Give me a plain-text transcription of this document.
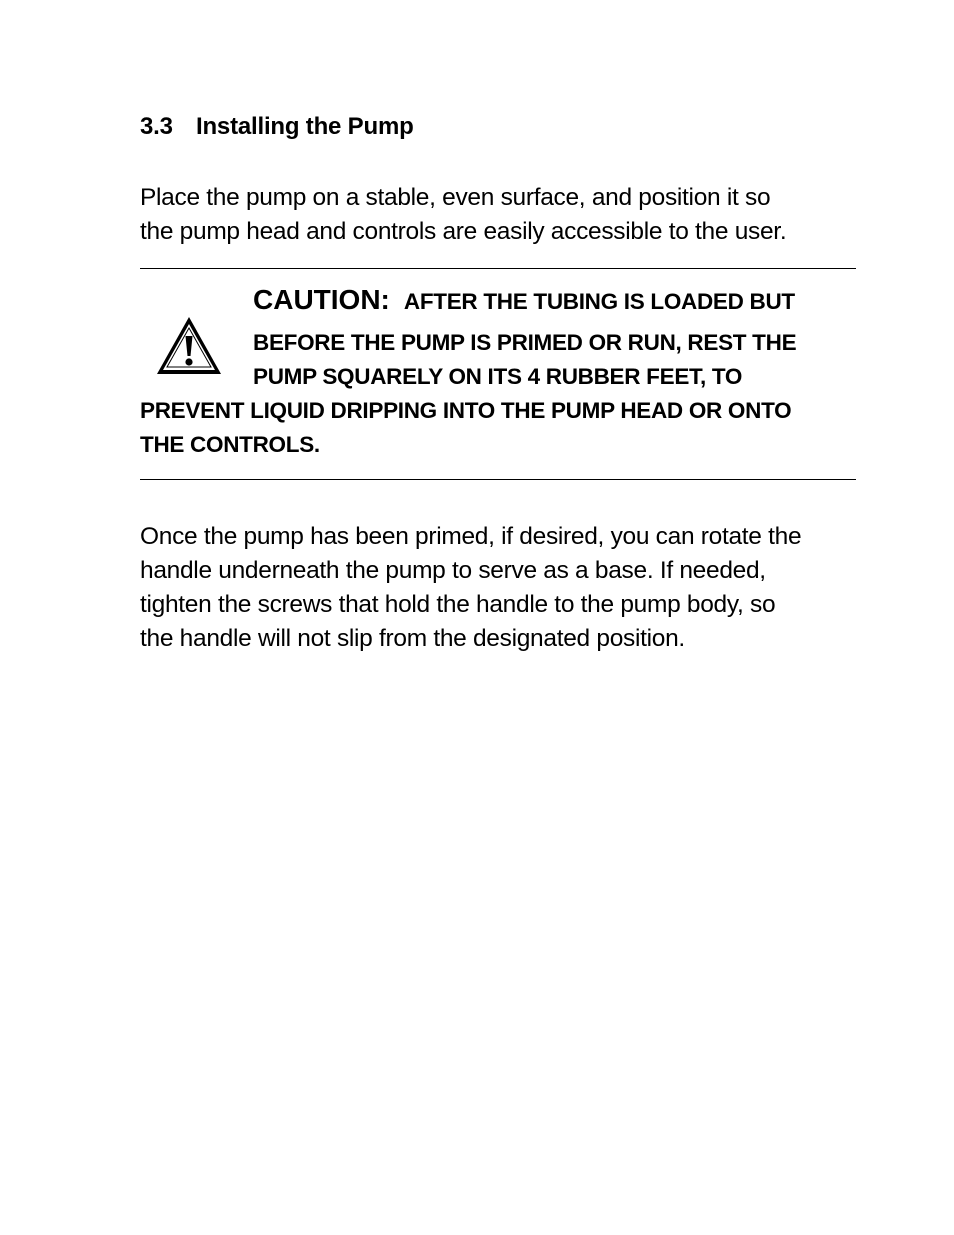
3.3 Installing the Pump
Place the pump on a stable, even surface, and position it so
the pump head and controls are easily accessible to the user.
CAUTION: AFTER THE TUBING IS LOADED BUT
BEFORE THE PUMP IS PRIMED OR RUN, REST THE
PUMP SQUARELY ON ITS 4 RUBBER FEET, TO
PREVENT LIQUID DRIPPING INTO THE PUMP HEAD OR ONTO
THE CONTROLS.
Once the pump has been primed, if desired, you can rotate the
handle underneath the pump to serve as a base. If needed,
tighten the screws that hold the handle to the pump body, so
the handle will not slip from the designated position.
